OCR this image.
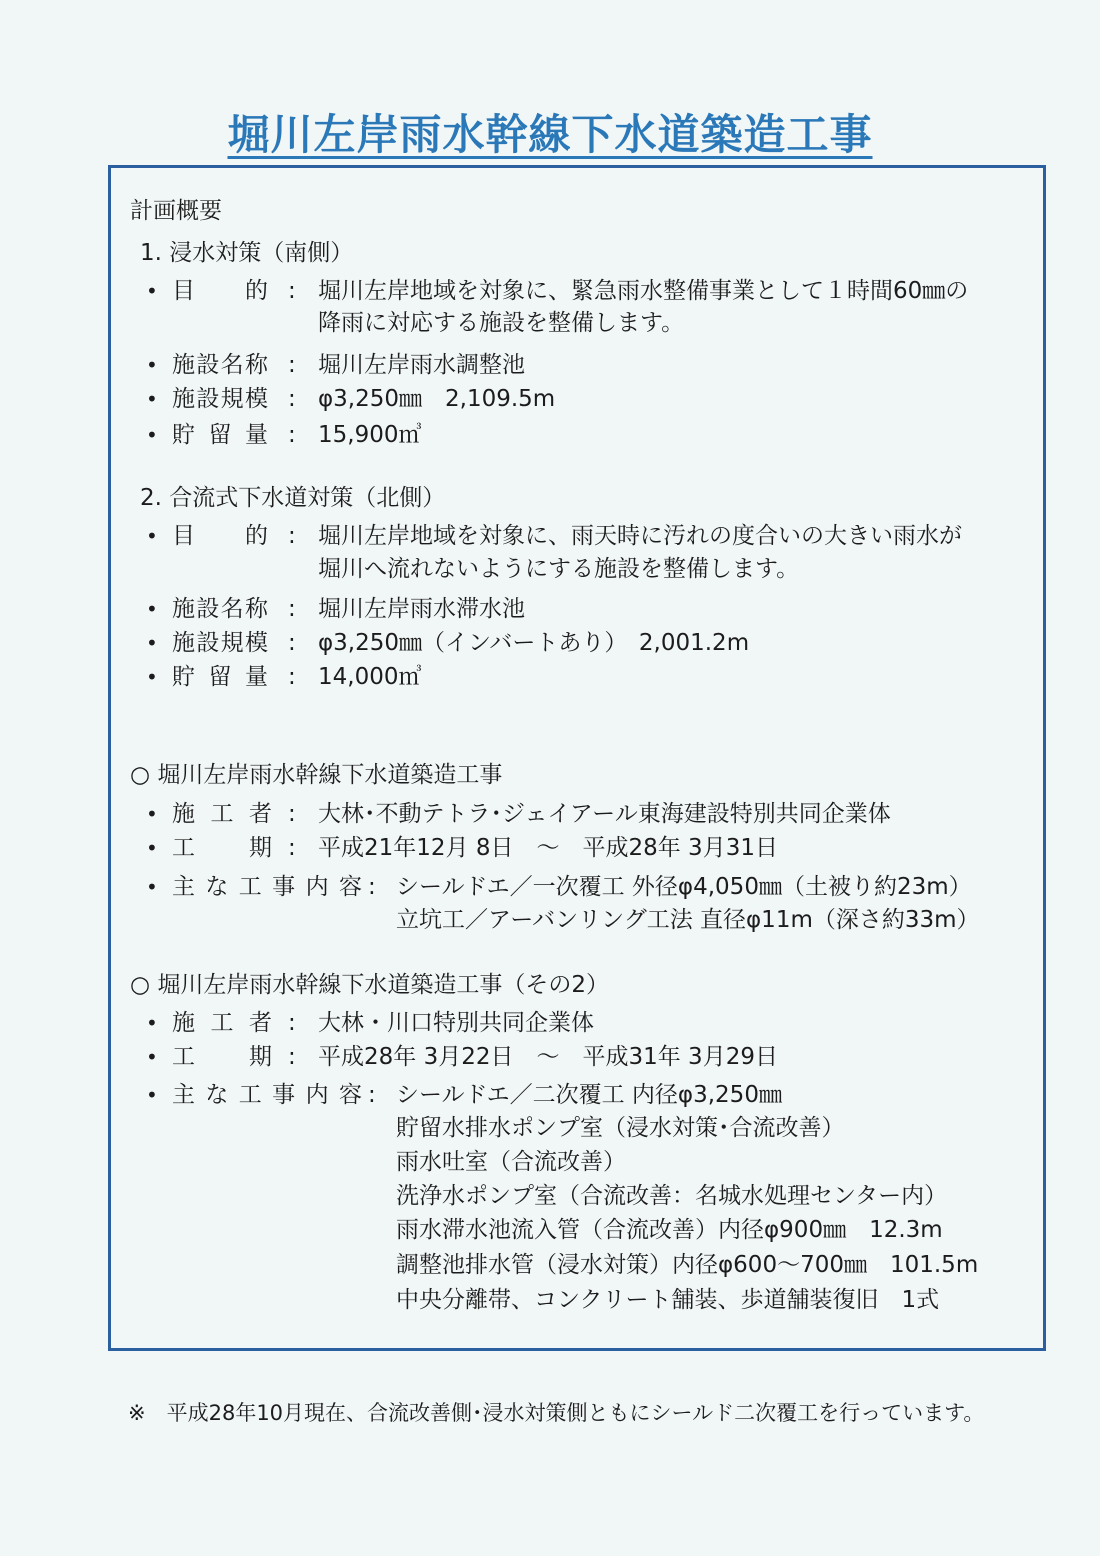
堀川左岸雨水幹線下水道築造工事
計画概要
1. 浸水対策（南側）
• 目 的 : 堀川左岸地域を対象に、緊急雨水整備事業として１時間60㎜の
降雨に対応する施設を整備します。
• 施 設 名 称 : 堀川左岸雨水調整池
• 施 設 規 模 : φ3,250㎜　2,109.5m
• 貯 留 量 : 15,900㎥
2. 合流式下水道対策（北側）
• 目 的 : 堀川左岸地域を対象に、雨天時に汚れの度合いの大きい雨水が
堀川へ流れないようにする施設を整備します。
• 施 設 名 称 : 堀川左岸雨水滞水池
• 施 設 規 模 : φ3,250㎜（インバートあり）　2,001.2m
• 貯 留 量 : 14,000㎥
○ 堀川左岸雨水幹線下水道築造工事
• 施 工 者 : 大林･不動テトラ･ジェイアール東海建設特別共同企業体
• 工 期 : 平成21年12月 8日　～　平成28年 3月31日
• 主 な 工 事 内 容 : シールドエ／一次覆工 外径φ4,050㎜（土被り約23m）
立坑工／アーバンリング工法 直径φ11m（深さ約33m）
○ 堀川左岸雨水幹線下水道築造工事（その2）
• 施 工 者 : 大林・川口特別共同企業体
• 工 期 : 平成28年 3月22日　～　平成31年 3月29日
• 主 な 工 事 内 容 : シールドエ／二次覆工 内径φ3,250㎜
貯留水排水ポンプ室（浸水対策･合流改善）
雨水吐室（合流改善）
洗浄水ポンプ室（合流改善：名城水処理センター内）
雨水滞水池流入管（合流改善）内径φ900㎜　12.3m
調整池排水管（浸水対策）内径φ600～700㎜　101.5m
中央分離帯、コンクリート舗装、歩道舗装復旧　1式
※　平成28年10月現在、合流改善側･浸水対策側ともにシールド二次覆工を行っています。
